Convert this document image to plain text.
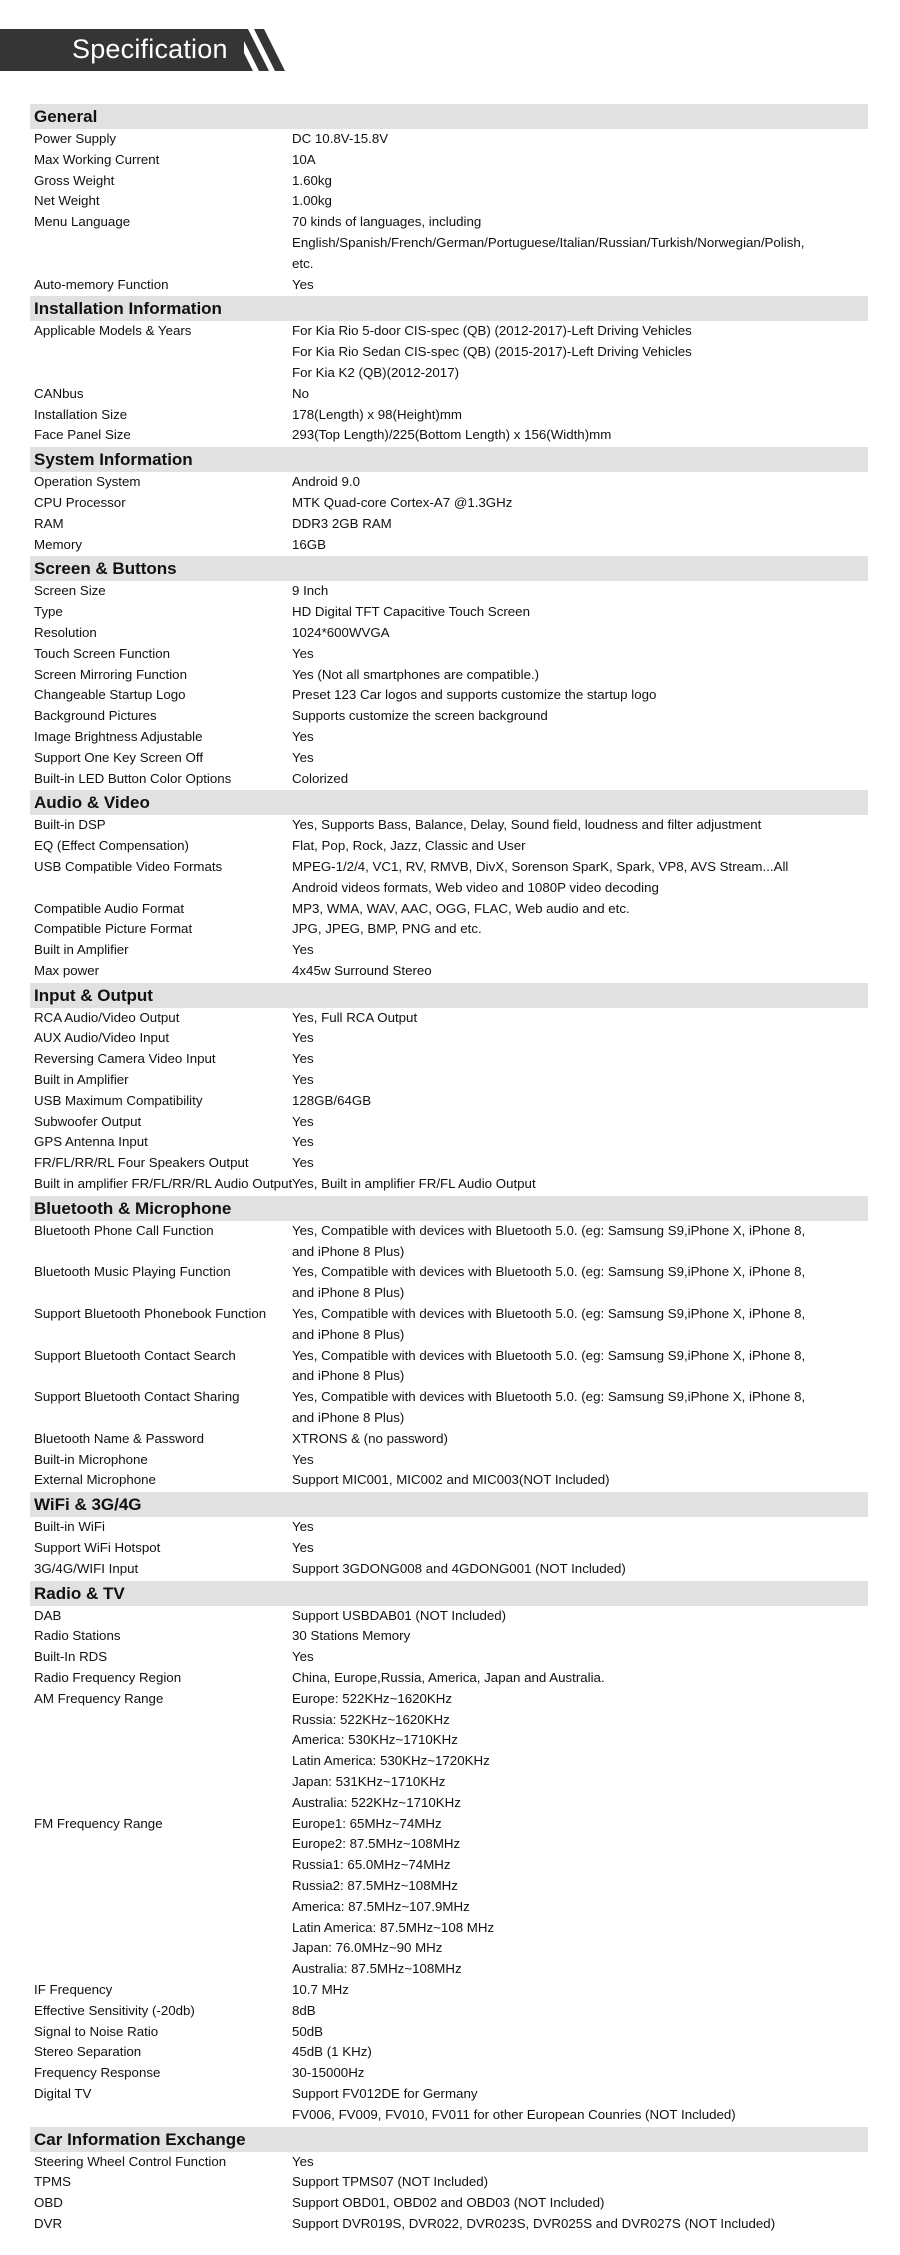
Specification
General
Power Supply	DC 10.8V-15.8V
Max Working Current	10A
Gross Weight	1.60kg
Net Weight	1.00kg
Menu Language	70 kinds of languages, including
English/Spanish/French/German/Portuguese/Italian/Russian/Turkish/Norwegian/Polish,
etc.
Auto-memory Function	Yes
Installation Information
Applicable Models & Years	For Kia Rio 5-door CIS-spec (QB) (2012-2017)-Left Driving Vehicles
For Kia Rio Sedan CIS-spec (QB) (2015-2017)-Left Driving Vehicles
For Kia K2 (QB)(2012-2017)
CANbus	No
Installation Size	178(Length) x 98(Height)mm
Face Panel Size	293(Top Length)/225(Bottom Length) x 156(Width)mm
System Information
Operation System	Android 9.0
CPU Processor	MTK Quad-core Cortex-A7 @1.3GHz
RAM	DDR3 2GB RAM
Memory	16GB
Screen & Buttons
Screen Size	9 Inch
Type	HD Digital TFT Capacitive Touch Screen
Resolution	1024*600WVGA
Touch Screen Function	Yes
Screen Mirroring Function	Yes (Not all smartphones are compatible.)
Changeable Startup Logo	Preset 123 Car logos and supports customize the startup logo
Background Pictures	Supports customize the screen background
Image Brightness Adjustable	Yes
Support One Key Screen Off	Yes
Built-in LED Button Color Options	Colorized
Audio & Video
Built-in DSP	Yes, Supports Bass, Balance, Delay, Sound field, loudness and filter adjustment
EQ (Effect Compensation)	Flat, Pop, Rock, Jazz, Classic and User
USB Compatible Video Formats	MPEG-1/2/4, VC1, RV, RMVB, DivX, Sorenson SparK, Spark, VP8, AVS Stream...All
Android videos formats, Web video and 1080P video decoding
Compatible Audio Format	MP3, WMA, WAV, AAC, OGG, FLAC, Web audio and etc.
Compatible Picture Format	JPG, JPEG, BMP, PNG and etc.
Built in Amplifier	Yes
Max power	4x45w Surround Stereo
Input & Output
RCA Audio/Video Output	Yes, Full RCA Output
AUX Audio/Video Input	Yes
Reversing Camera Video Input	Yes
Built in Amplifier	Yes
USB Maximum Compatibility	128GB/64GB
Subwoofer Output	Yes
GPS Antenna Input	Yes
FR/FL/RR/RL Four Speakers Output	Yes
Built in amplifier FR/FL/RR/RL Audio Output Yes, Built in amplifier FR/FL Audio Output
Bluetooth & Microphone
Bluetooth Phone Call Function	Yes, Compatible with devices with Bluetooth 5.0. (eg: Samsung S9,iPhone X, iPhone 8,
and iPhone 8 Plus)
Bluetooth Music Playing Function	Yes, Compatible with devices with Bluetooth 5.0. (eg: Samsung S9,iPhone X, iPhone 8,
and iPhone 8 Plus)
Support Bluetooth Phonebook Function	Yes, Compatible with devices with Bluetooth 5.0. (eg: Samsung S9,iPhone X, iPhone 8,
and iPhone 8 Plus)
Support Bluetooth Contact Search	Yes, Compatible with devices with Bluetooth 5.0. (eg: Samsung S9,iPhone X, iPhone 8,
and iPhone 8 Plus)
Support Bluetooth Contact Sharing	Yes, Compatible with devices with Bluetooth 5.0. (eg: Samsung S9,iPhone X, iPhone 8,
and iPhone 8 Plus)
Bluetooth Name & Password	XTRONS & (no password)
Built-in Microphone	Yes
External Microphone	Support MIC001, MIC002 and MIC003(NOT Included)
WiFi & 3G/4G
Built-in WiFi	Yes
Support WiFi Hotspot	Yes
3G/4G/WIFI Input	Support 3GDONG008 and 4GDONG001 (NOT Included)
Radio & TV
DAB	Support USBDAB01 (NOT Included)
Radio Stations	30 Stations Memory
Built-In RDS	Yes
Radio Frequency Region	China, Europe,Russia, America, Japan and Australia.
AM Frequency Range	Europe: 522KHz~1620KHz
Russia: 522KHz~1620KHz
America: 530KHz~1710KHz
Latin America: 530KHz~1720KHz
Japan: 531KHz~1710KHz
Australia: 522KHz~1710KHz
FM Frequency Range	Europe1: 65MHz~74MHz
Europe2: 87.5MHz~108MHz
Russia1: 65.0MHz~74MHz
Russia2: 87.5MHz~108MHz
America: 87.5MHz~107.9MHz
Latin America: 87.5MHz~108 MHz
Japan: 76.0MHz~90 MHz
Australia: 87.5MHz~108MHz
IF Frequency	10.7 MHz
Effective Sensitivity (-20db)	8dB
Signal to Noise Ratio	50dB
Stereo Separation	45dB (1 KHz)
Frequency Response	30-15000Hz
Digital TV	Support FV012DE for Germany
FV006, FV009, FV010, FV011 for other European Counries (NOT Included)
Car Information Exchange
Steering Wheel Control Function	Yes
TPMS	Support TPMS07 (NOT Included)
OBD	Support OBD01, OBD02 and OBD03 (NOT Included)
DVR	Support DVR019S, DVR022, DVR023S, DVR025S and DVR027S (NOT Included)
